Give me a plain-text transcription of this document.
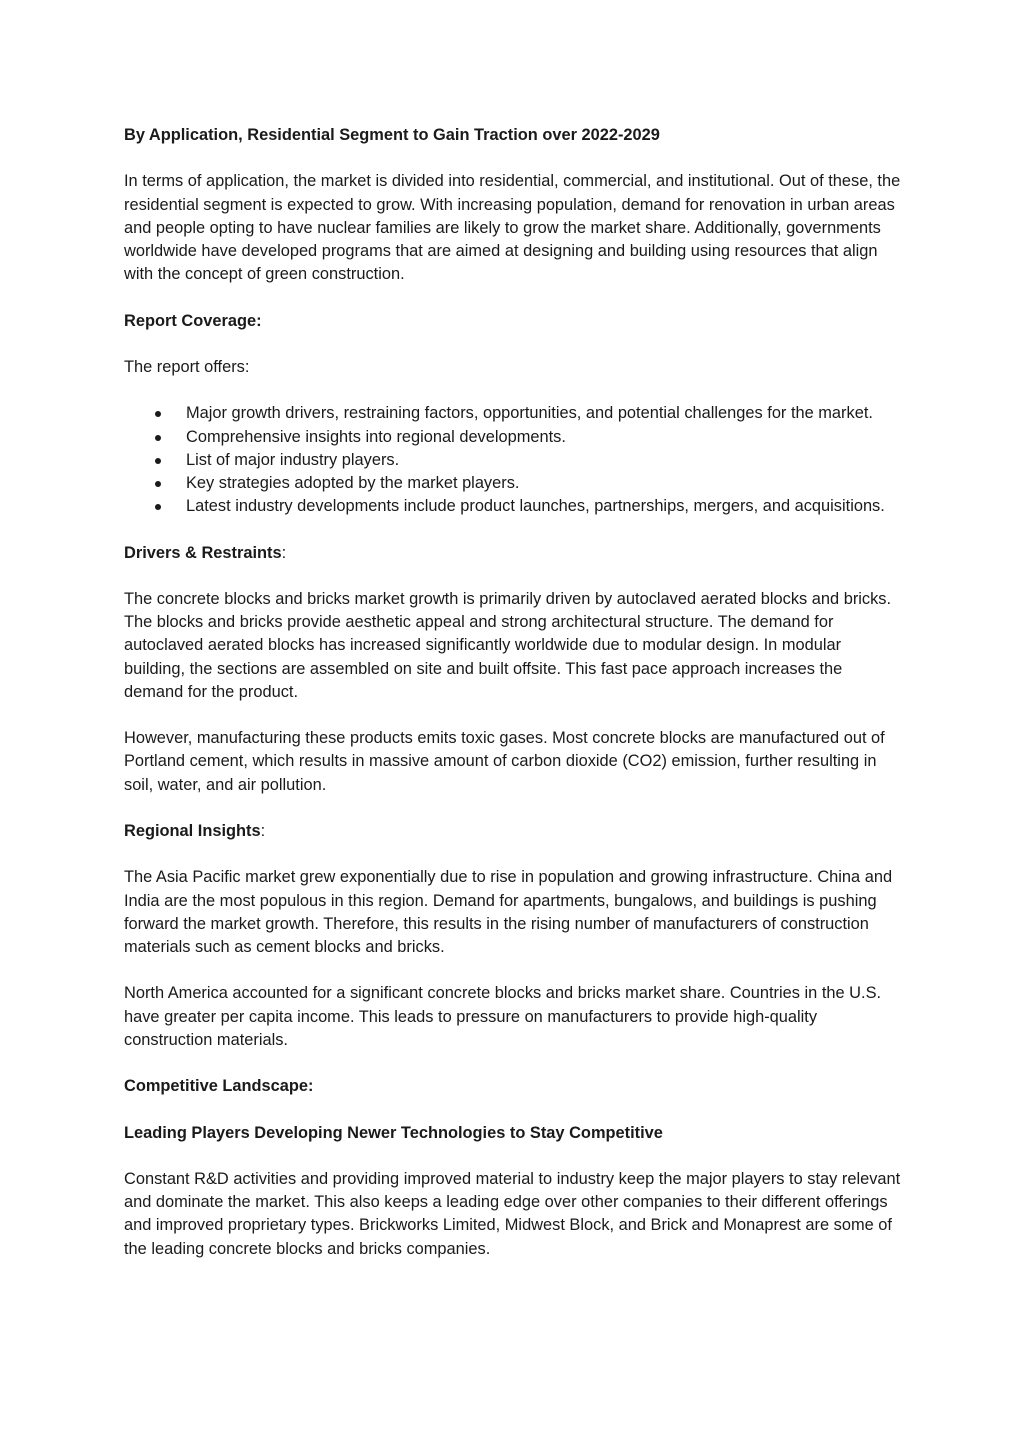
By Application, Residential Segment to Gain Traction over 2022-2029
In terms of application, the market is divided into residential, commercial, and institutional. Out of these, the residential segment is expected to grow. With increasing population, demand for renovation in urban areas and people opting to have nuclear families are likely to grow the market share. Additionally, governments worldwide have developed programs that are aimed at designing and building using resources that align with the concept of green construction.
Report Coverage:
The report offers:
Major growth drivers, restraining factors, opportunities, and potential challenges for the market.
Comprehensive insights into regional developments.
List of major industry players.
Key strategies adopted by the market players.
Latest industry developments include product launches, partnerships, mergers, and acquisitions.
Drivers & Restraints:
The concrete blocks and bricks market growth is primarily driven by autoclaved aerated blocks and bricks. The blocks and bricks provide aesthetic appeal and strong architectural structure. The demand for autoclaved aerated blocks has increased significantly worldwide due to modular design. In modular building, the sections are assembled on site and built offsite. This fast pace approach increases the demand for the product.
However, manufacturing these products emits toxic gases. Most concrete blocks are manufactured out of Portland cement, which results in massive amount of carbon dioxide (CO2) emission, further resulting in soil, water, and air pollution.
Regional Insights:
The Asia Pacific market grew exponentially due to rise in population and growing infrastructure. China and India are the most populous in this region. Demand for apartments, bungalows, and buildings is pushing forward the market growth. Therefore, this results in the rising number of manufacturers of construction materials such as cement blocks and bricks.
North America accounted for a significant concrete blocks and bricks market share. Countries in the U.S. have greater per capita income. This leads to pressure on manufacturers to provide high-quality construction materials.
Competitive Landscape:
Leading Players Developing Newer Technologies to Stay Competitive
Constant R&D activities and providing improved material to industry keep the major players to stay relevant and dominate the market. This also keeps a leading edge over other companies to their different offerings and improved proprietary types. Brickworks Limited, Midwest Block, and Brick and Monaprest are some of the leading concrete blocks and bricks companies.
